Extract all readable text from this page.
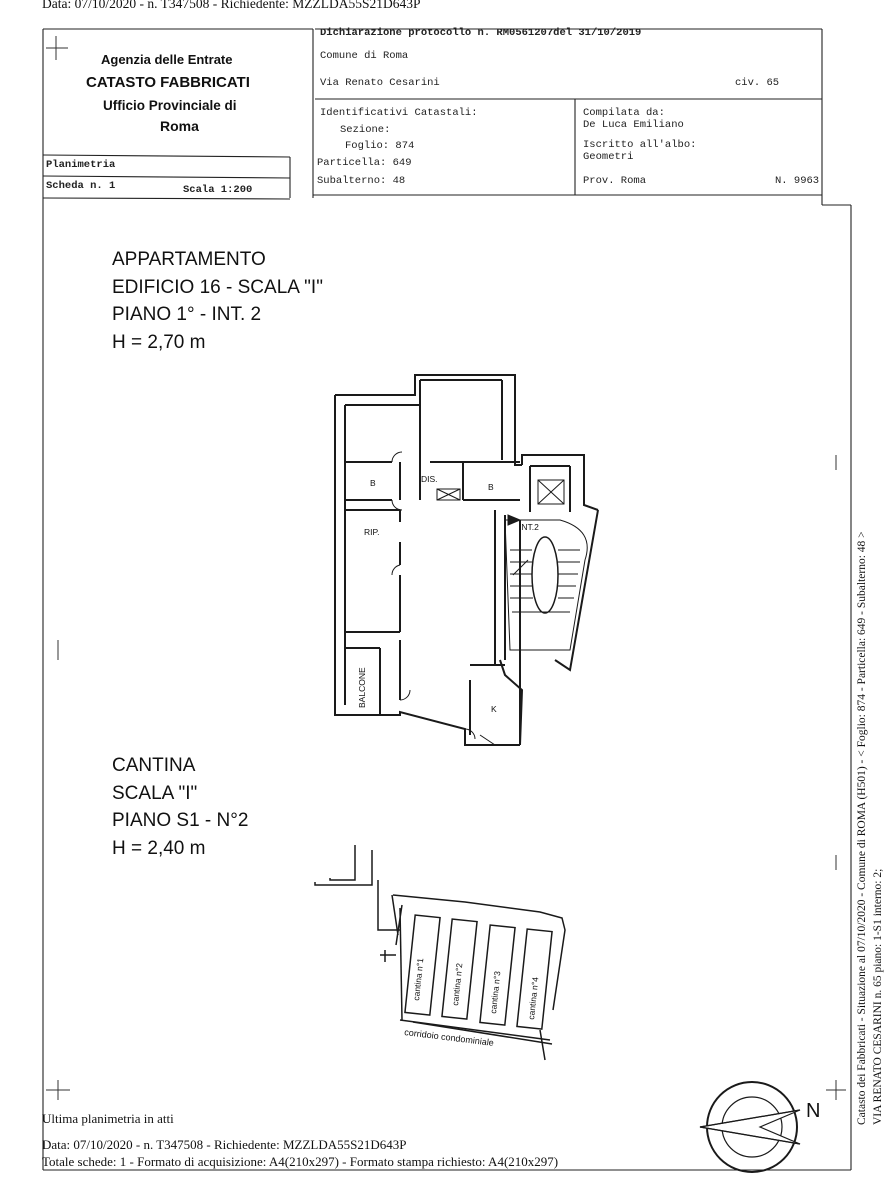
Data: 07/10/2020 - n. T347508 - Richiedente: MZZLDA55S21D643P
Agenzia delle Entrate
CATASTO FABBRICATI
Ufficio Provinciale di
Roma
Planimetria
Scheda n. 1	Scala 1:200
Dichiarazione protocollo n. RM0561207del 31/10/2019
Comune di Roma
Via Renato Cesarini	civ. 65
Identificativi Catastali:
Sezione:
Foglio: 874
Particella: 649
Subalterno: 48
Compilata da:
De Luca Emiliano
Iscritto all'albo:
Geometri
Prov. Roma	N. 9963
APPARTAMENTO
EDIFICIO 16 - SCALA "I"
PIANO 1° - INT. 2
H = 2,70 m
B	DIS.
B
RIP.	INT.2
BALCONE
K
CANTINA
SCALA "I"
PIANO S1 - N°2
H = 2,40 m
cantina n°1	cantina n°2	cantina n°3	cantina n°4
corridoio condominiale
N	Catasto dei Fabbricati - Situazione al 07/10/2020 - Comune di ROMA (H501) - < Foglio: 874 - Particella: 649 - Subalterno: 48 > VIA RENATO CESARINI n. 65 piano: 1-S1 interno: 2;
Ultima planimetria in atti
Data: 07/10/2020 - n. T347508 - Richiedente: MZZLDA55S21D643P
Totale schede: 1 - Formato di acquisizione: A4(210x297) - Formato stampa richiesto: A4(210x297)
